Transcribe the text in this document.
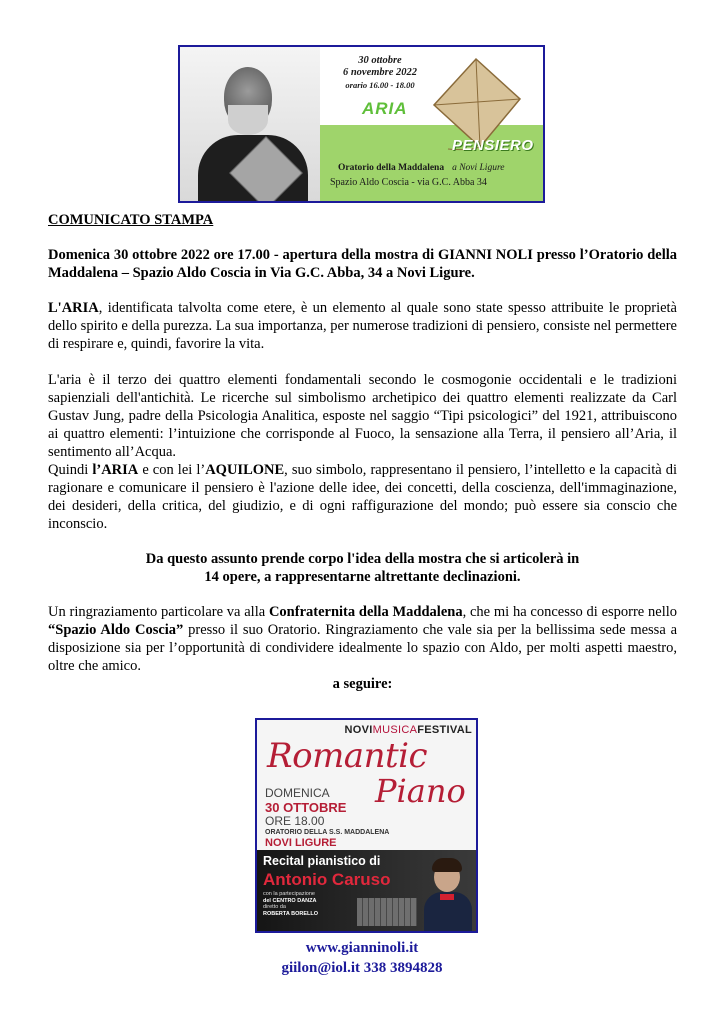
30 ottobre
6 novembre 2022
orario 16.00 - 18.00
ARIA
PENSIERO
Oratorio della Maddalena a Novi Ligure
Spazio Aldo Coscia - via G.C. Abba 34

COMUNICATO STAMPA

Domenica 30 ottobre 2022 ore 17.00 - apertura della mostra di GIANNI NOLI presso l’Oratorio della Maddalena – Spazio Aldo Coscia in Via G.C. Abba, 34 a Novi Ligure.

L'ARIA, identificata talvolta come etere, è un elemento al quale sono state spesso attribuite le proprietà dello spirito e della purezza. La sua importanza, per numerose tradizioni di pensiero, consiste nel permettere di respirare e, quindi, favorire la vita.

L'aria è il terzo dei quattro elementi fondamentali secondo le cosmogonie occidentali e le tradizioni sapienziali dell'antichità. Le ricerche sul simbolismo archetipico dei quattro elementi realizzate da Carl Gustav Jung, padre della Psicologia Analitica, esposte nel saggio “Tipi psicologici” del 1921, attribuiscono ai quattro elementi: l’intuizione che corrisponde al Fuoco, la sensazione alla Terra, il pensiero all’Aria, il sentimento all’Acqua.

Quindi l’ARIA e con lei l’AQUILONE, suo simbolo, rappresentano il pensiero, l’intelletto e la capacità di ragionare e comunicare il pensiero è l'azione delle idee, dei concetti, della coscienza, dell'immaginazione, dei desideri, della critica, del giudizio, e di ogni raffigurazione del mondo; può essere sia conscio che inconscio.

Da questo assunto prende corpo l'idea della mostra che si articolerà in
14 opere, a rappresentarne altrettante declinazioni.

Un ringraziamento particolare va alla Confraternita della Maddalena, che mi ha concesso di esporre nello “Spazio Aldo Coscia” presso il suo Oratorio. Ringraziamento che vale sia per la bellissima sede messa a disposizione sia per l’opportunità di condividere idealmente lo spazio con Aldo, per molti aspetti maestro, oltre che amico.

a seguire:

NOVIMUSICAFESTIVAL
Romantic
Piano
DOMENICA
30 OTTOBRE
ORE 18.00
ORATORIO DELLA S.S. MADDALENA
NOVI LIGURE
Recital pianistico di
Antonio Caruso
con la partecipazione
del CENTRO DANZA
diretto da
ROBERTA BORELLO
www.gianninoli.it
giilon@iol.it 338 3894828
